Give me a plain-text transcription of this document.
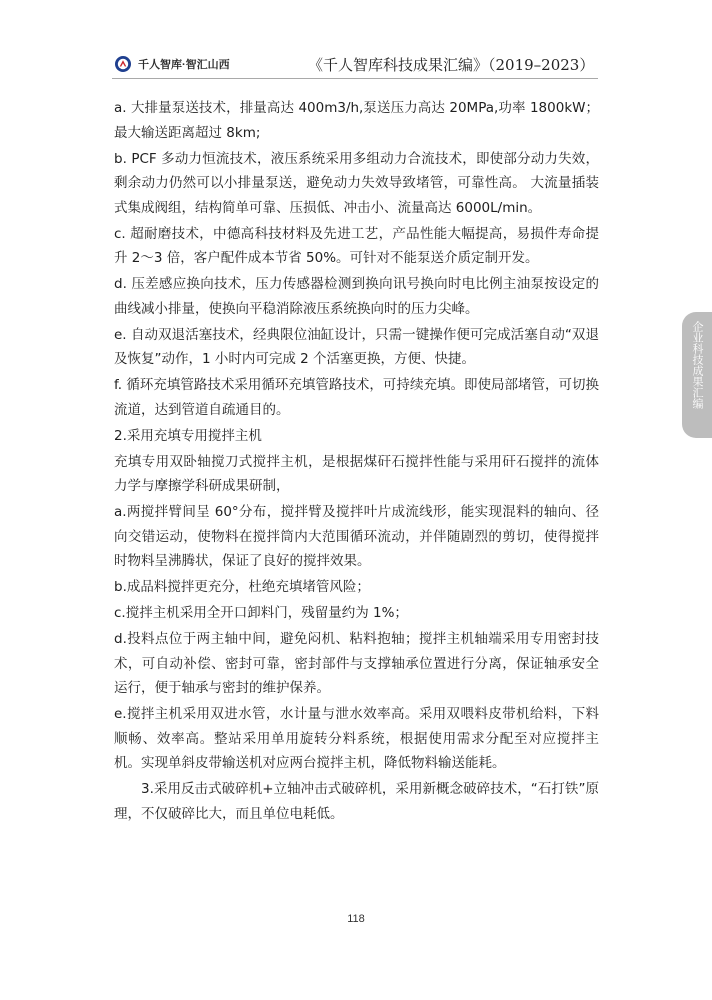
千人智库·智汇山西	《千人智库科技成果汇编》（2019–2023）
企业科技成果汇编

a. 大排量泵送技术，排量高达 400m3/h,泵送压力高达 20MPa,功率 1800kW；最大输送距离超过 8km;

b. PCF 多动力恒流技术，液压系统采用多组动力合流技术，即使部分动力失效，剩余动力仍然可以小排量泵送，避免动力失效导致堵管，可靠性高。 大流量插装式集成阀组，结构简单可靠、压损低、冲击小、流量高达 6000L/min。

c. 超耐磨技术，中德高科技材料及先进工艺，产品性能大幅提高，易损件寿命提升 2～3 倍，客户配件成本节省 50%。可针对不能泵送介质定制开发。

d. 压差感应换向技术，压力传感器检测到换向讯号换向时电比例主油泵按设定的曲线减小排量，使换向平稳消除液压系统换向时的压力尖峰。

e. 自动双退活塞技术，经典限位油缸设计，只需一键操作便可完成活塞自动“双退及恢复”动作，1 小时内可完成 2 个活塞更换，方便、快捷。

f. 循环充填管路技术采用循环充填管路技术，可持续充填。即使局部堵管，可切换流道，达到管道自疏通目的。

2.采用充填专用搅拌主机

充填专用双卧轴搅刀式搅拌主机，是根据煤矸石搅拌性能与采用矸石搅拌的流体力学与摩擦学科研成果研制，

a.两搅拌臂间呈 60°分布，搅拌臂及搅拌叶片成流线形，能实现混料的轴向、径向交错运动，使物料在搅拌筒内大范围循环流动，并伴随剧烈的剪切，使得搅拌时物料呈沸腾状，保证了良好的搅拌效果。

b.成品料搅拌更充分，杜绝充填堵管风险；

c.搅拌主机采用全开口卸料门，残留量约为 1%；

d.投料点位于两主轴中间，避免闷机、粘料抱轴；搅拌主机轴端采用专用密封技术，可自动补偿、密封可靠，密封部件与支撑轴承位置进行分离，保证轴承安全运行，便于轴承与密封的维护保养。

e.搅拌主机采用双进水管，水计量与泄水效率高。采用双喂料皮带机给料，下料顺畅、效率高。整站采用单用旋转分料系统，根据使用需求分配至对应搅拌主机。实现单斜皮带输送机对应两台搅拌主机，降低物料输送能耗。

3.采用反击式破碎机+立轴冲击式破碎机，采用新概念破碎技术，“石打铁”原理，不仅破碎比大，而且单位电耗低。

118
